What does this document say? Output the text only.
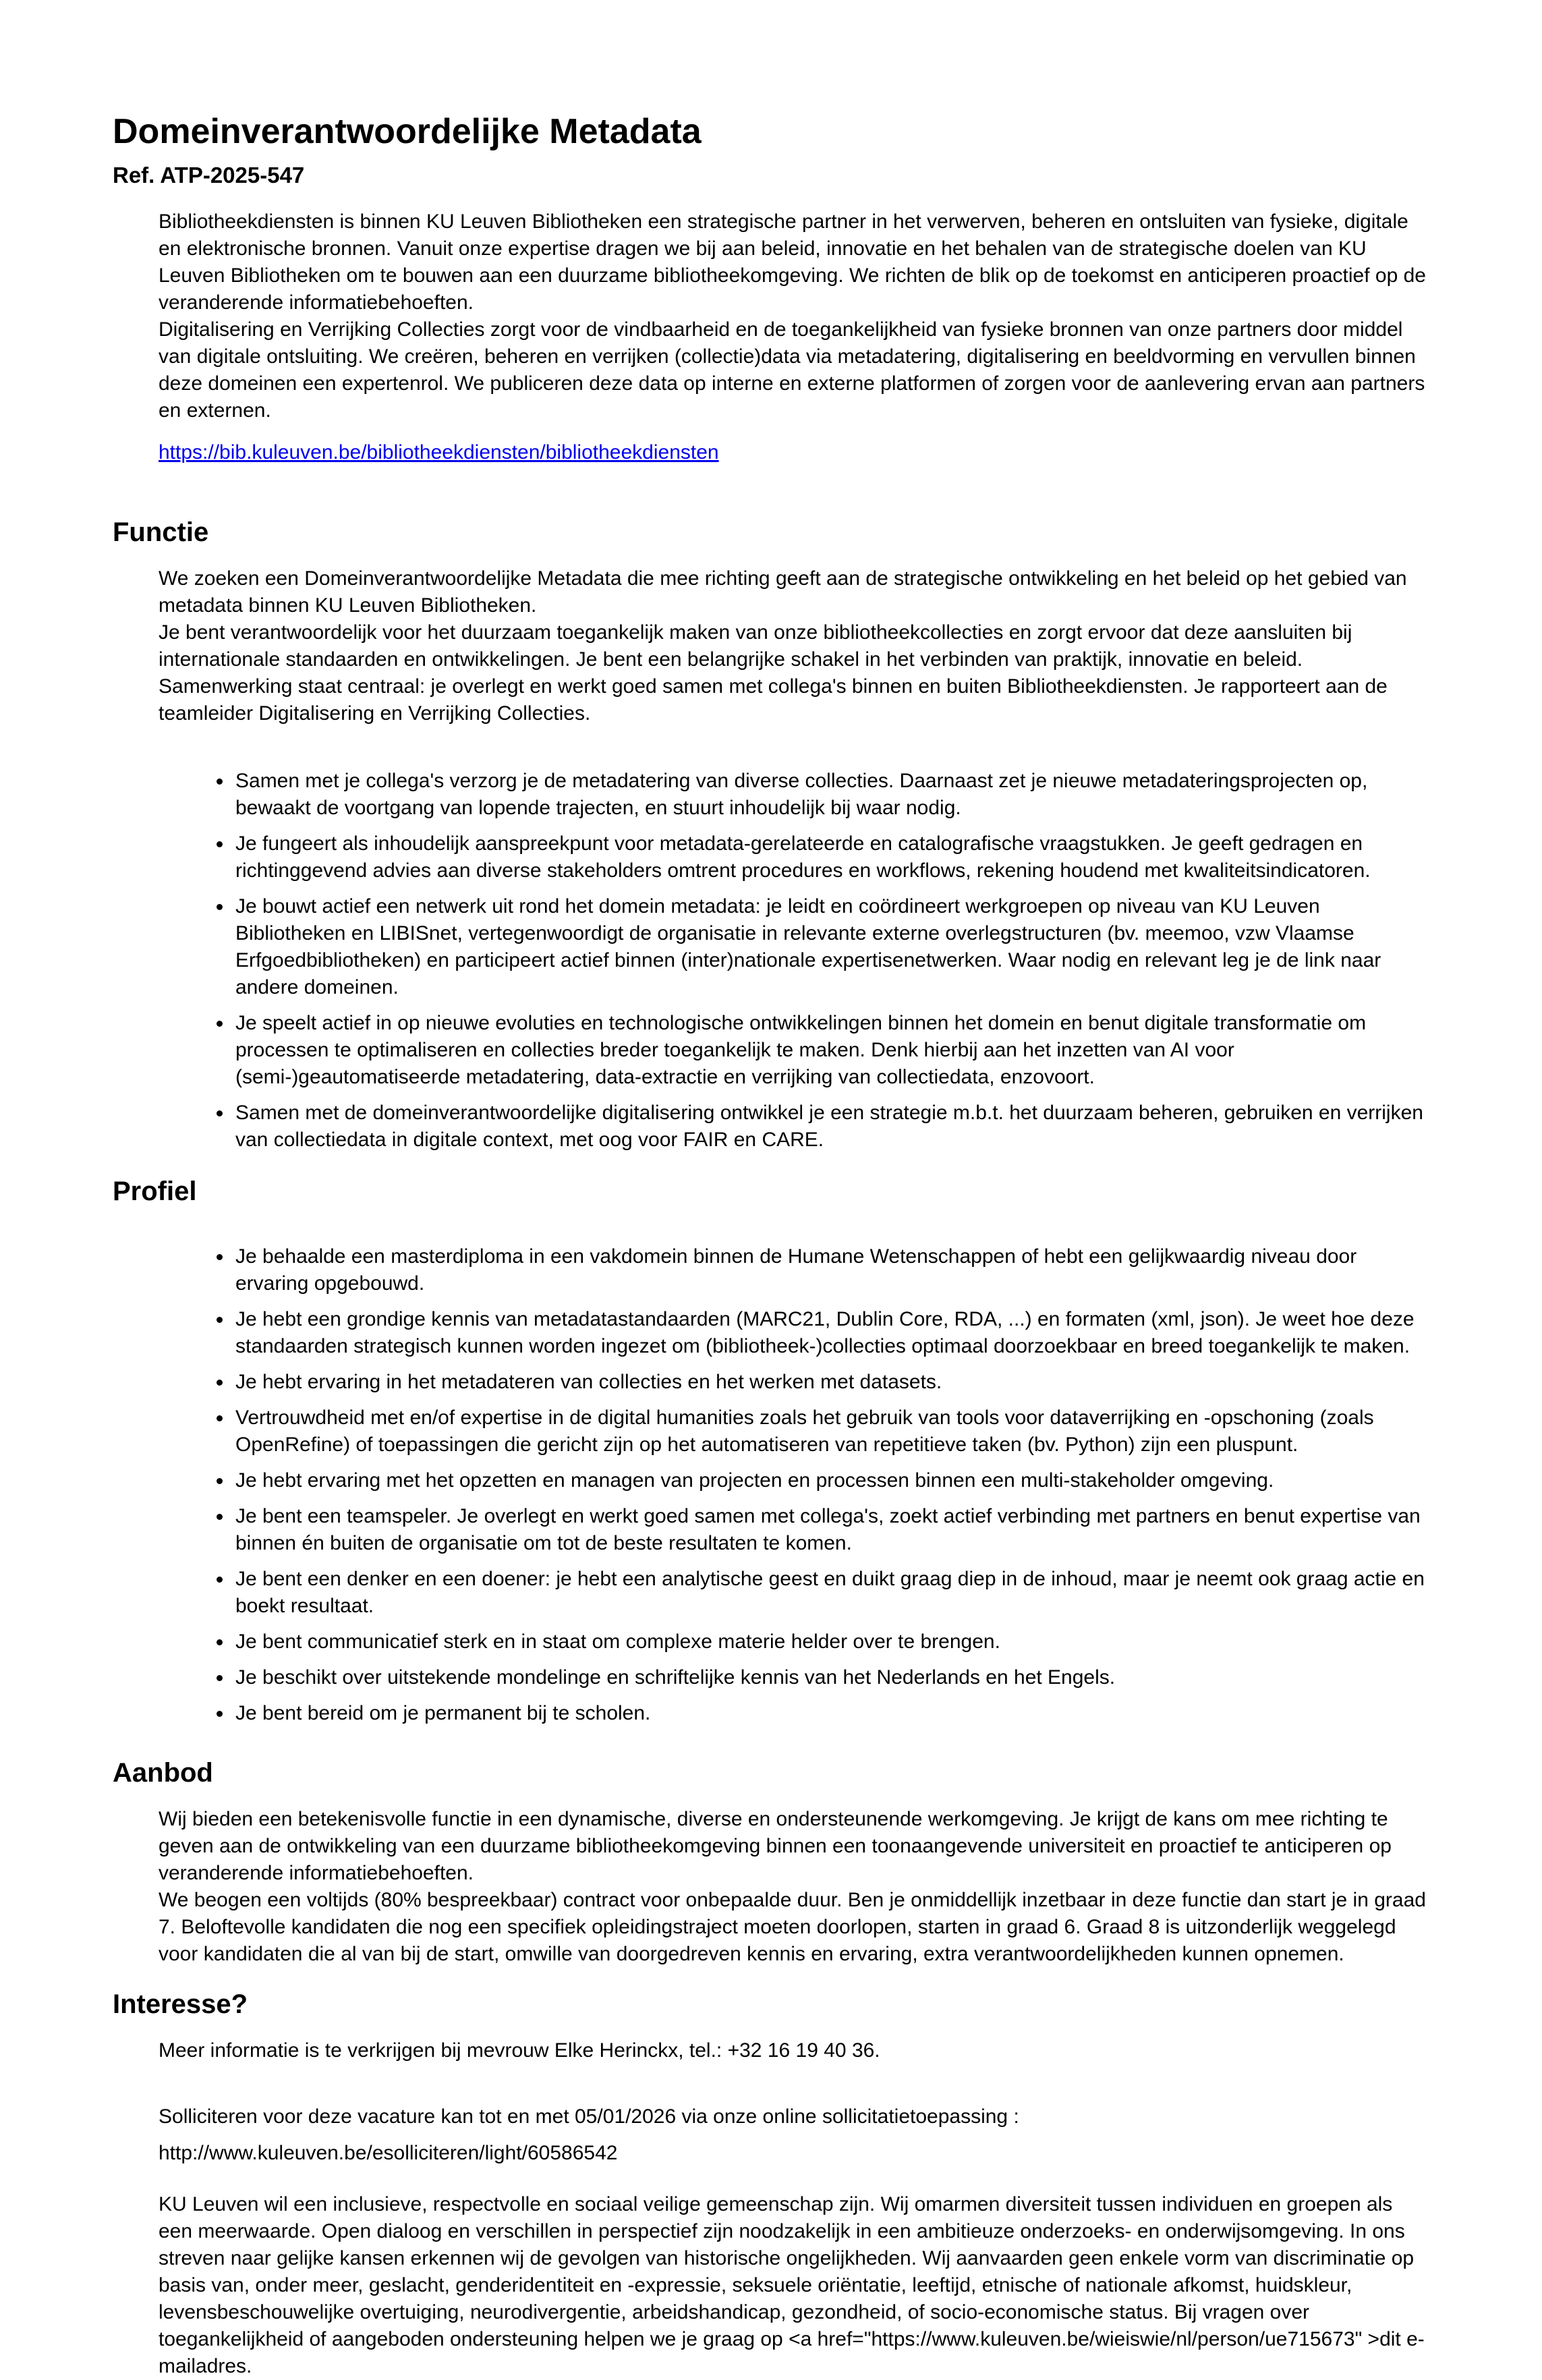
Domeinverantwoordelijke Metadata
Ref. ATP-2025-547

Bibliotheekdiensten is binnen KU Leuven Bibliotheken een strategische partner in het verwerven, beheren en ontsluiten van fysieke, digitale en elektronische bronnen. Vanuit onze expertise dragen we bij aan beleid, innovatie en het behalen van de strategische doelen van KU Leuven Bibliotheken om te bouwen aan een duurzame bibliotheekomgeving. We richten de blik op de toekomst en anticiperen proactief op de veranderende informatiebehoeften.

Digitalisering en Verrijking Collecties zorgt voor de vindbaarheid en de toegankelijkheid van fysieke bronnen van onze partners door middel van digitale ontsluiting. We creëren, beheren en verrijken (collectie)data via metadatering, digitalisering en beeldvorming en vervullen binnen deze domeinen een expertenrol. We publiceren deze data op interne en externe platformen of zorgen voor de aanlevering ervan aan partners en externen.

https://bib.kuleuven.be/bibliotheekdiensten/bibliotheekdiensten
Functie

We zoeken een Domeinverantwoordelijke Metadata die mee richting geeft aan de strategische ontwikkeling en het beleid op het gebied van metadata binnen KU Leuven Bibliotheken.

Je bent verantwoordelijk voor het duurzaam toegankelijk maken van onze bibliotheekcollecties en zorgt ervoor dat deze aansluiten bij internationale standaarden en ontwikkelingen. Je bent een belangrijke schakel in het verbinden van praktijk, innovatie en beleid.

Samenwerking staat centraal: je overlegt en werkt goed samen met collega's binnen en buiten Bibliotheekdiensten. Je rapporteert aan de teamleider Digitalisering en Verrijking Collecties.

• Samen met je collega's verzorg je de metadatering van diverse collecties. Daarnaast zet je nieuwe metadateringsprojecten op, bewaakt de voortgang van lopende trajecten, en stuurt inhoudelijk bij waar nodig.
• Je fungeert als inhoudelijk aanspreekpunt voor metadata-gerelateerde en catalografische vraagstukken. Je geeft gedragen en richtinggevend advies aan diverse stakeholders omtrent procedures en workflows, rekening houdend met kwaliteitsindicatoren.
• Je bouwt actief een netwerk uit rond het domein metadata: je leidt en coördineert werkgroepen op niveau van KU Leuven Bibliotheken en LIBISnet, vertegenwoordigt de organisatie in relevante externe overlegstructuren (bv. meemoo, vzw Vlaamse Erfgoedbibliotheken) en participeert actief binnen (inter)nationale expertisenetwerken. Waar nodig en relevant leg je de link naar andere domeinen.
• Je speelt actief in op nieuwe evoluties en technologische ontwikkelingen binnen het domein en benut digitale transformatie om processen te optimaliseren en collecties breder toegankelijk te maken. Denk hierbij aan het inzetten van AI voor (semi-)geautomatiseerde metadatering, data-extractie en verrijking van collectiedata, enzovoort.
• Samen met de domeinverantwoordelijke digitalisering ontwikkel je een strategie m.b.t. het duurzaam beheren, gebruiken en verrijken van collectiedata in digitale context, met oog voor FAIR en CARE.
Profiel
• Je behaalde een masterdiploma in een vakdomein binnen de Humane Wetenschappen of hebt een gelijkwaardig niveau door ervaring opgebouwd.
• Je hebt een grondige kennis van metadatastandaarden (MARC21, Dublin Core, RDA, ...) en formaten (xml, json). Je weet hoe deze standaarden strategisch kunnen worden ingezet om (bibliotheek-)collecties optimaal doorzoekbaar en breed toegankelijk te maken.
• Je hebt ervaring in het metadateren van collecties en het werken met datasets.
• Vertrouwdheid met en/of expertise in de digital humanities zoals het gebruik van tools voor dataverrijking en -opschoning (zoals OpenRefine) of toepassingen die gericht zijn op het automatiseren van repetitieve taken (bv. Python) zijn een pluspunt.
• Je hebt ervaring met het opzetten en managen van projecten en processen binnen een multi-stakeholder omgeving.
• Je bent een teamspeler. Je overlegt en werkt goed samen met collega's, zoekt actief verbinding met partners en benut expertise van binnen én buiten de organisatie om tot de beste resultaten te komen.
• Je bent een denker en een doener: je hebt een analytische geest en duikt graag diep in de inhoud, maar je neemt ook graag actie en boekt resultaat.
• Je bent communicatief sterk en in staat om complexe materie helder over te brengen.
• Je beschikt over uitstekende mondelinge en schriftelijke kennis van het Nederlands en het Engels.
• Je bent bereid om je permanent bij te scholen.
Aanbod

Wij bieden een betekenisvolle functie in een dynamische, diverse en ondersteunende werkomgeving. Je krijgt de kans om mee richting te geven aan de ontwikkeling van een duurzame bibliotheekomgeving binnen een toonaangevende universiteit en proactief te anticiperen op veranderende informatiebehoeften.

We beogen een voltijds (80% bespreekbaar) contract voor onbepaalde duur. Ben je onmiddellijk inzetbaar in deze functie dan start je in graad 7. Beloftevolle kandidaten die nog een specifiek opleidingstraject moeten doorlopen, starten in graad 6. Graad 8 is uitzonderlijk weggelegd voor kandidaten die al van bij de start, omwille van doorgedreven kennis en ervaring, extra verantwoordelijkheden kunnen opnemen.

Interesse?

Meer informatie is te verkrijgen bij mevrouw Elke Herinckx, tel.: +32 16 19 40 36.

Solliciteren voor deze vacature kan tot en met 05/01/2026 via onze online sollicitatietoepassing :

http://www.kuleuven.be/esolliciteren/light/60586542

KU Leuven wil een inclusieve, respectvolle en sociaal veilige gemeenschap zijn. Wij omarmen diversiteit tussen individuen en groepen als een meerwaarde. Open dialoog en verschillen in perspectief zijn noodzakelijk in een ambitieuze onderzoeks- en onderwijsomgeving. In ons streven naar gelijke kansen erkennen wij de gevolgen van historische ongelijkheden. Wij aanvaarden geen enkele vorm van discriminatie op basis van, onder meer, geslacht, genderidentiteit en -expressie, seksuele oriëntatie, leeftijd, etnische of nationale afkomst, huidskleur, levensbeschouwelijke overtuiging, neurodivergentie, arbeidshandicap, gezondheid, of socio-economische status. Bij vragen over toegankelijkheid of aangeboden ondersteuning helpen we je graag op <a href="https://www.kuleuven.be/wieiswie/nl/person/ue715673" >dit e-mailadres.
